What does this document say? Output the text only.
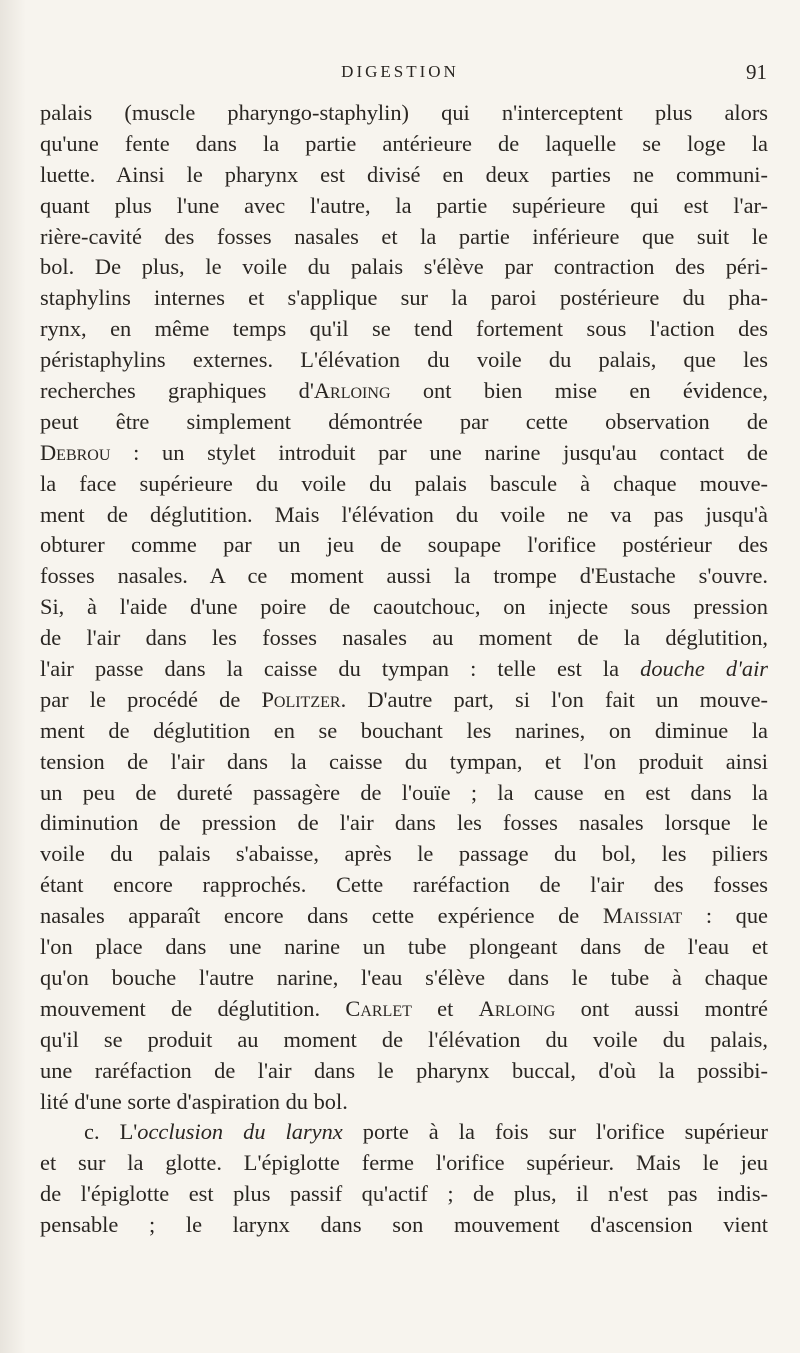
DIGESTION	91
palais (muscle pharyngo-staphylin) qui n'interceptent plus alors
qu'une fente dans la partie antérieure de laquelle se loge la
luette. Ainsi le pharynx est divisé en deux parties ne communi-
quant plus l'une avec l'autre, la partie supérieure qui est l'ar-
rière-cavité des fosses nasales et la partie inférieure que suit le
bol. De plus, le voile du palais s'élève par contraction des péri-
staphylins internes et s'applique sur la paroi postérieure du pha-
rynx, en même temps qu'il se tend fortement sous l'action des
péristaphylins externes. L'élévation du voile du palais, que les
recherches graphiques d'Arloing ont bien mise en évidence,
peut être simplement démontrée par cette observation de
Debrou : un stylet introduit par une narine jusqu'au contact de
la face supérieure du voile du palais bascule à chaque mouve-
ment de déglutition. Mais l'élévation du voile ne va pas jusqu'à
obturer comme par un jeu de soupape l'orifice postérieur des
fosses nasales. A ce moment aussi la trompe d'Eustache s'ouvre.
Si, à l'aide d'une poire de caoutchouc, on injecte sous pression
de l'air dans les fosses nasales au moment de la déglutition,
l'air passe dans la caisse du tympan : telle est la douche d'air
par le procédé de Politzer. D'autre part, si l'on fait un mouve-
ment de déglutition en se bouchant les narines, on diminue la
tension de l'air dans la caisse du tympan, et l'on produit ainsi
un peu de dureté passagère de l'ouïe ; la cause en est dans la
diminution de pression de l'air dans les fosses nasales lorsque le
voile du palais s'abaisse, après le passage du bol, les piliers
étant encore rapprochés. Cette raréfaction de l'air des fosses
nasales apparaît encore dans cette expérience de Maissiat : que
l'on place dans une narine un tube plongeant dans de l'eau et
qu'on bouche l'autre narine, l'eau s'élève dans le tube à chaque
mouvement de déglutition. Carlet et Arloing ont aussi montré
qu'il se produit au moment de l'élévation du voile du palais,
une raréfaction de l'air dans le pharynx buccal, d'où la possibi-
lité d'une sorte d'aspiration du bol.
c. L'occlusion du larynx porte à la fois sur l'orifice supérieur
et sur la glotte. L'épiglotte ferme l'orifice supérieur. Mais le jeu
de l'épiglotte est plus passif qu'actif ; de plus, il n'est pas indis-
pensable ; le larynx dans son mouvement d'ascension vient
